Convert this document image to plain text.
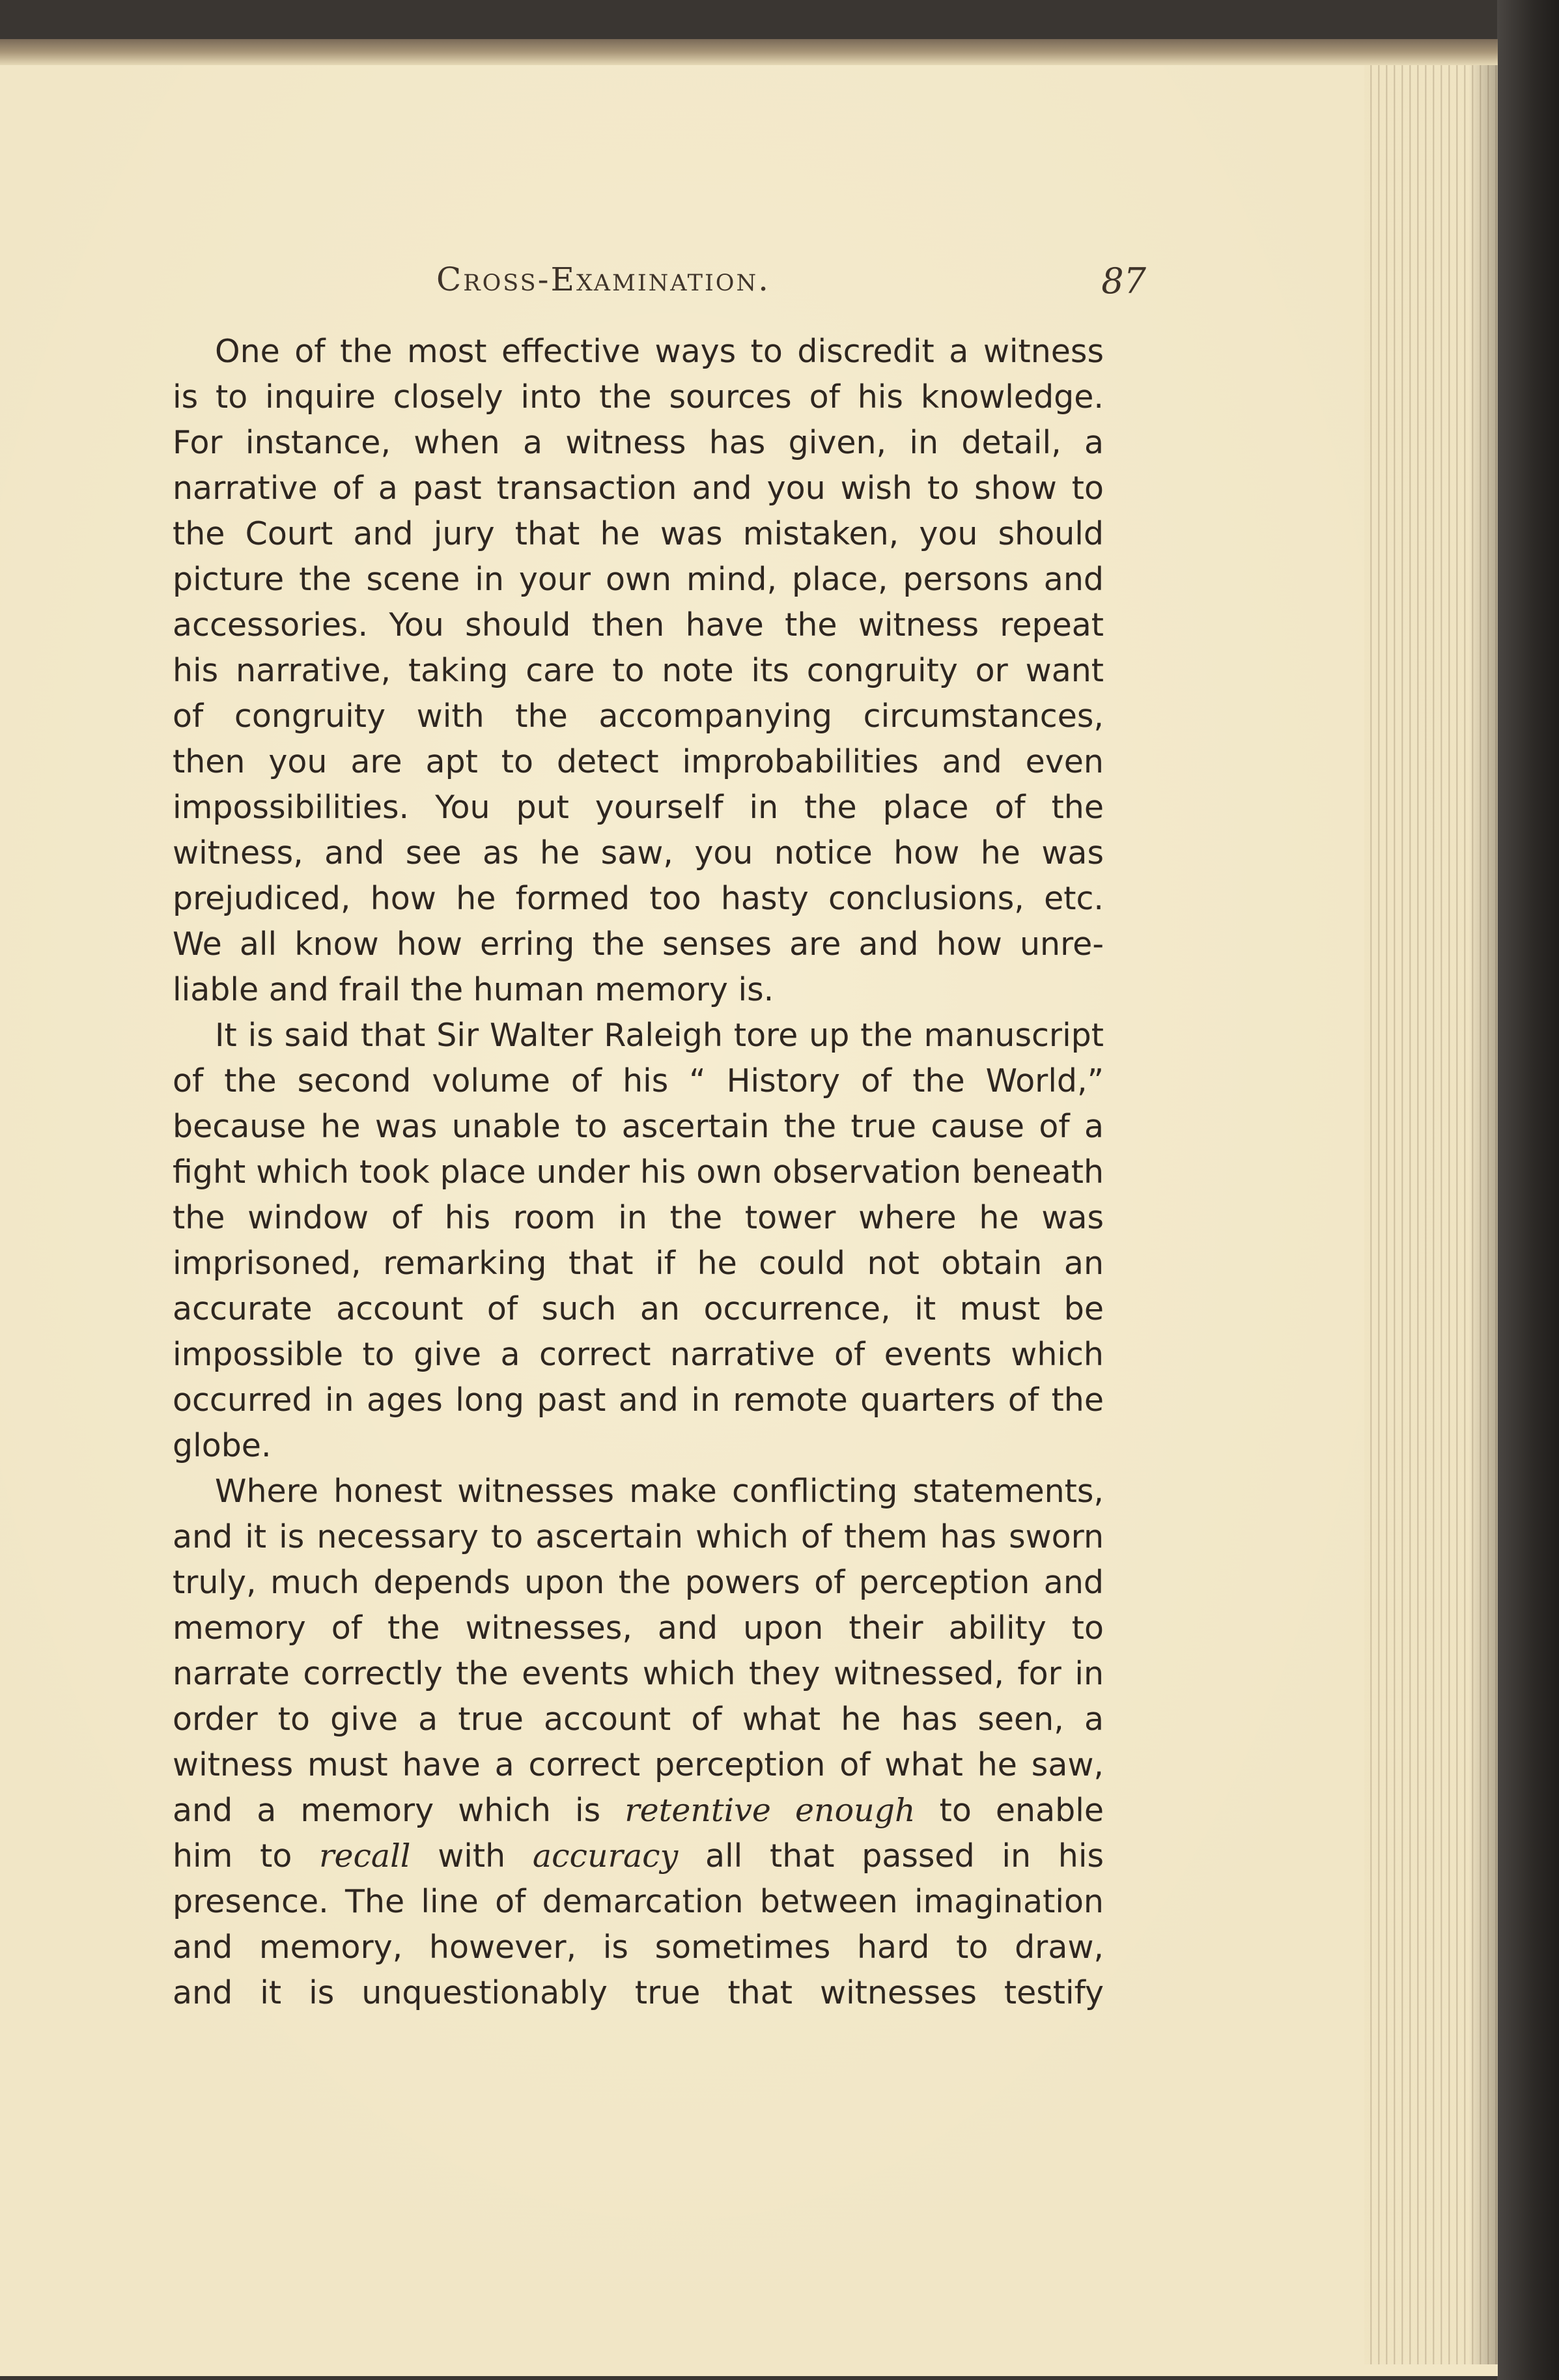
Cross-Examination.	87

One of the most effective ways to discredit a witness
is to inquire closely into the sources of his knowledge.
For instance, when a witness has given, in detail, a
narrative of a past transaction and you wish to show to
the Court and jury that he was mistaken, you should
picture the scene in your own mind, place, persons and
accessories. You should then have the witness repeat
his narrative, taking care to note its congruity or want
of congruity with the accompanying circumstances,
then you are apt to detect improbabilities and even
impossibilities. You put yourself in the place of the
witness, and see as he saw, you notice how he was
prejudiced, how he formed too hasty conclusions, etc.
We all know how erring the senses are and how unre-
liable and frail the human memory is.

It is said that Sir Walter Raleigh tore up the manuscript
of the second volume of his “ History of the World,”
because he was unable to ascertain the true cause of a
fight which took place under his own observation beneath
the window of his room in the tower where he was
imprisoned, remarking that if he could not obtain an
accurate account of such an occurrence, it must be
impossible to give a correct narrative of events which
occurred in ages long past and in remote quarters of the
globe.

Where honest witnesses make conflicting statements,
and it is necessary to ascertain which of them has sworn
truly, much depends upon the powers of perception and
memory of the witnesses, and upon their ability to
narrate correctly the events which they witnessed, for in
order to give a true account of what he has seen, a
witness must have a correct perception of what he saw,
and a memory which is retentive enough to enable
him to recall with accuracy all that passed in his
presence. The line of demarcation between imagination
and memory, however, is sometimes hard to draw,
and it is unquestionably true that witnesses testify
